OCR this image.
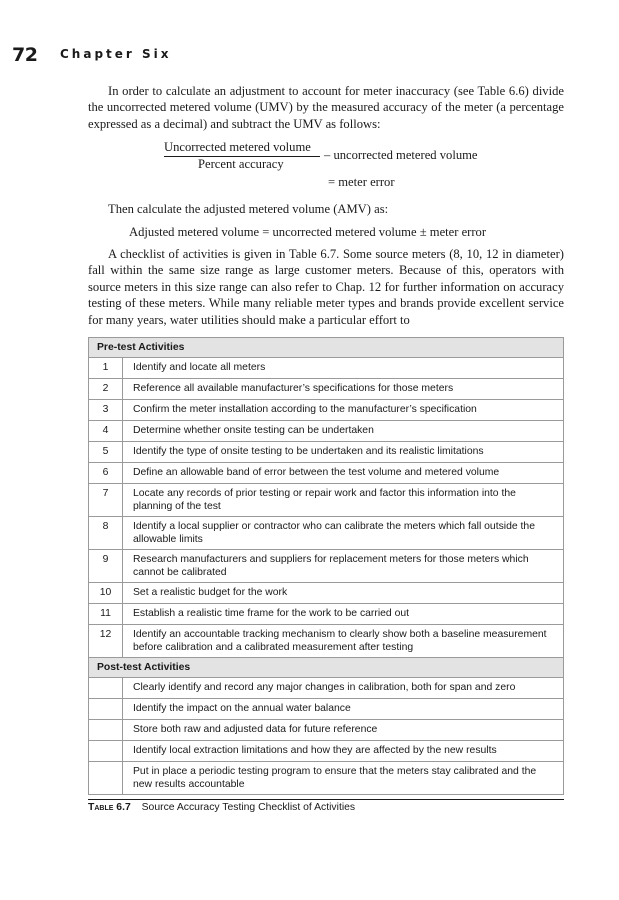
72 Chapter Six

In order to calculate an adjustment to account for meter inaccuracy (see Table 6.6) divide the uncorrected metered volume (UMV) by the measured accuracy of the meter (a percentage expressed as a decimal) and subtract the UMV as follows:

Uncorrected metered volume
Percent accuracy
– uncorrected metered volume
= meter error

Then calculate the adjusted metered volume (AMV) as:

Adjusted metered volume = uncorrected metered volume ± meter error

A checklist of activities is given in Table 6.7. Some source meters (8, 10, 12 in diameter) fall within the same size range as large customer meters. Because of this, operators with source meters in this size range can also refer to Chap. 12 for further information on accuracy testing of these meters. While many reliable meter types and brands provide excellent service for many years, water utilities should make a particular effort to

Pre-test Activities	
1	Identify and locate all meters
2	Reference all available manufacturer’s specifications for those meters
3	Confirm the meter installation according to the manufacturer’s specification
4	Determine whether onsite testing can be undertaken
5	Identify the type of onsite testing to be undertaken and its realistic limitations
6	Define an allowable band of error between the test volume and metered volume
7	Locate any records of prior testing or repair work and factor this information into the planning of the test
8	Identify a local supplier or contractor who can calibrate the meters which fall outside the allowable limits
9	Research manufacturers and suppliers for replacement meters for those meters which cannot be calibrated
10	Set a realistic budget for the work
11	Establish a realistic time frame for the work to be carried out
12	Identify an accountable tracking mechanism to clearly show both a baseline measurement before calibration and a calibrated measurement after testing
Post-test Activities	
	Clearly identify and record any major changes in calibration, both for span and zero
	Identify the impact on the annual water balance
	Store both raw and adjusted data for future reference
	Identify local extraction limitations and how they are affected by the new results
	Put in place a periodic testing program to ensure that the meters stay calibrated and the new results accountable
Table 6.7 Source Accuracy Testing Checklist of Activities
